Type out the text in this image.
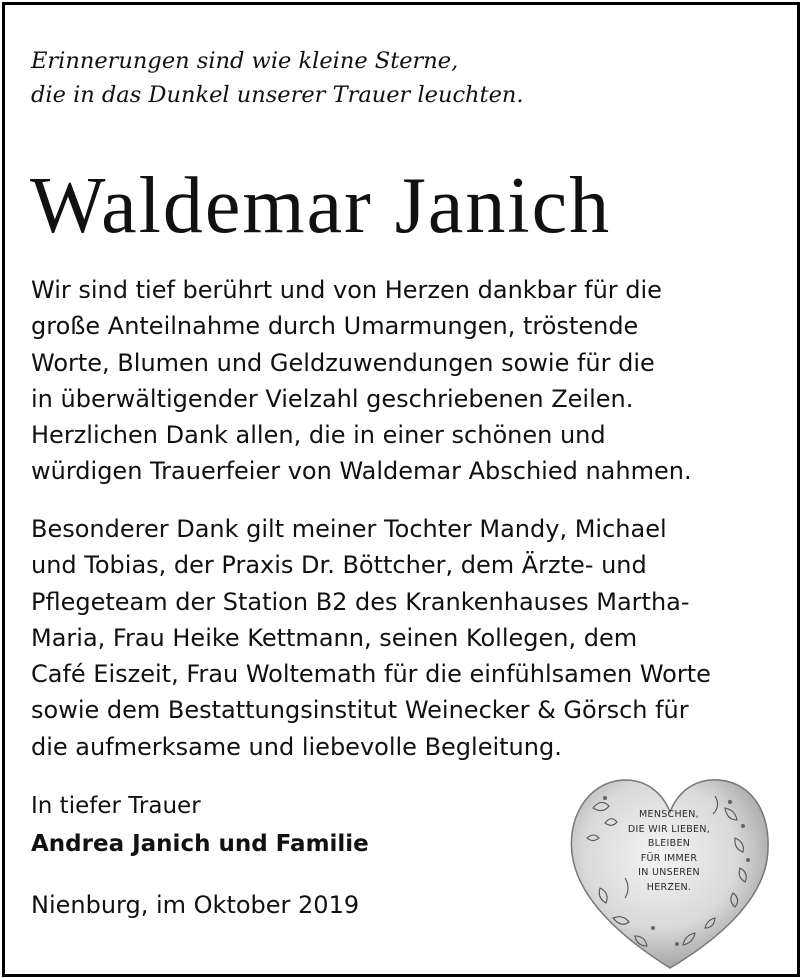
Erinnerungen sind wie kleine Sterne,
die in das Dunkel unserer Trauer leuchten.
Waldemar Janich
Wir sind tief berührt und von Herzen dankbar für die
große Anteilnahme durch Umarmungen, tröstende
Worte, Blumen und Geldzuwendungen sowie für die
in überwältigender Vielzahl geschriebenen Zeilen.
Herzlichen Dank allen, die in einer schönen und
würdigen Trauerfeier von Waldemar Abschied nahmen.
Besonderer Dank gilt meiner Tochter Mandy, Michael
und Tobias, der Praxis Dr. Böttcher, dem Ärzte- und
Pflegeteam der Station B2 des Krankenhauses Martha-
Maria, Frau Heike Kettmann, seinen Kollegen, dem
Café Eiszeit, Frau Woltemath für die einfühlsamen Worte
sowie dem Bestattungsinstitut Weinecker & Görsch für
die aufmerksame und liebevolle Begleitung.
In tiefer Trauer
Andrea Janich und Familie
Nienburg, im Oktober 2019
MENSCHEN,
DIE WIR LIEBEN,
BLEIBEN
FÜR IMMER
IN UNSEREN
HERZEN.
